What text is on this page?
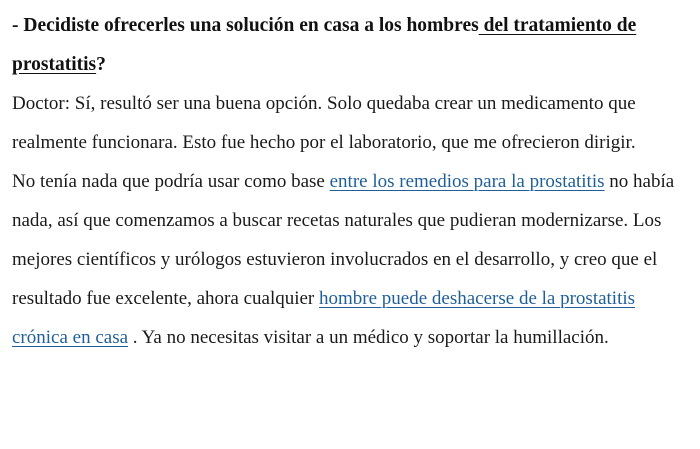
- Decidiste ofrecerles una solución en casa a los hombres del tratamiento de prostatitis?

Doctor: Sí, resultó ser una buena opción. Solo quedaba crear un medicamento que realmente funcionara. Esto fue hecho por el laboratorio, que me ofrecieron dirigir.

No tenía nada que podría usar como base entre los remedios para la prostatitis no había nada, así que comenzamos a buscar recetas naturales que pudieran modernizarse. Los mejores científicos y urólogos estuvieron involucrados en el desarrollo, y creo que el resultado fue excelente, ahora cualquier hombre puede deshacerse de la prostatitis crónica en casa . Ya no necesitas visitar a un médico y soportar la humillación.
